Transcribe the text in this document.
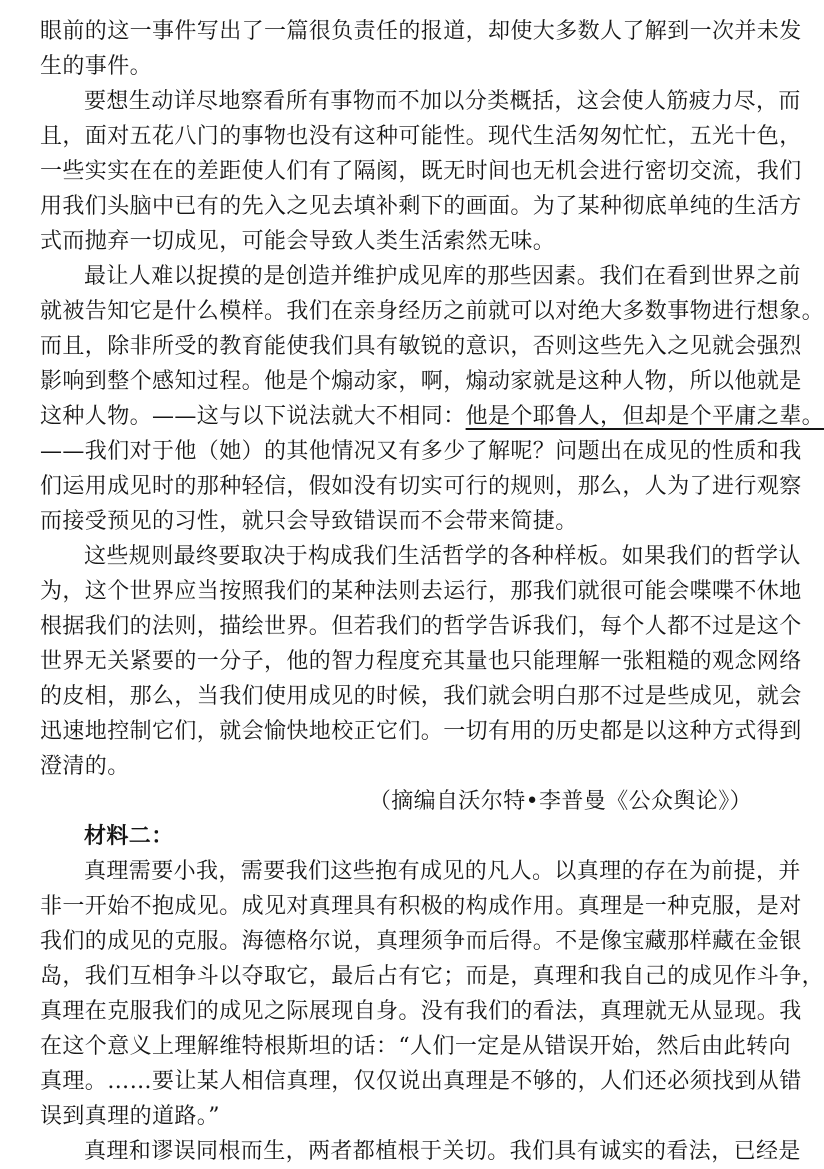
眼前的这一事件写出了一篇很负责任的报道，却使大多数人了解到一次并未发
生的事件。
要想生动详尽地察看所有事物而不加以分类概括，这会使人筋疲力尽，而
且，面对五花八门的事物也没有这种可能性。现代生活匆匆忙忙，五光十色，
一些实实在在的差距使人们有了隔阂，既无时间也无机会进行密切交流，我们
用我们头脑中已有的先入之见去填补剩下的画面。为了某种彻底单纯的生活方
式而抛弃一切成见，可能会导致人类生活索然无味。
最让人难以捉摸的是创造并维护成见库的那些因素。我们在看到世界之前
就被告知它是什么模样。我们在亲身经历之前就可以对绝大多数事物进行想象。
而且，除非所受的教育能使我们具有敏锐的意识，否则这些先入之见就会强烈
影响到整个感知过程。他是个煽动家，啊，煽动家就是这种人物，所以他就是
这种人物。——这与以下说法就大不相同：他是个耶鲁人，但却是个平庸之辈。
——我们对于他（她）的其他情况又有多少了解呢？问题出在成见的性质和我
们运用成见时的那种轻信，假如没有切实可行的规则，那么，人为了进行观察
而接受预见的习性，就只会导致错误而不会带来简捷。
这些规则最终要取决于构成我们生活哲学的各种样板。如果我们的哲学认
为，这个世界应当按照我们的某种法则去运行，那我们就很可能会喋喋不休地
根据我们的法则，描绘世界。但若我们的哲学告诉我们，每个人都不过是这个
世界无关紧要的一分子，他的智力程度充其量也只能理解一张粗糙的观念网络
的皮相，那么，当我们使用成见的时候，我们就会明白那不过是些成见，就会
迅速地控制它们，就会愉快地校正它们。一切有用的历史都是以这种方式得到
澄清的。
（摘编自沃尔特•李普曼《公众舆论》）
材料二：
真理需要小我，需要我们这些抱有成见的凡人。以真理的存在为前提，并
非一开始不抱成见。成见对真理具有积极的构成作用。真理是一种克服，是对
我们的成见的克服。海德格尔说，真理须争而后得。不是像宝藏那样藏在金银
岛，我们互相争斗以夺取它，最后占有它；而是，真理和我自己的成见作斗争，
真理在克服我们的成见之际展现自身。没有我们的看法，真理就无从显现。我
在这个意义上理解维特根斯坦的话：“人们一定是从错误开始，然后由此转向
真理。……要让某人相信真理，仅仅说出真理是不够的，人们还必须找到从错
误到真理的道路。”
真理和谬误同根而生，两者都植根于关切。我们具有诚实的看法，已经是
